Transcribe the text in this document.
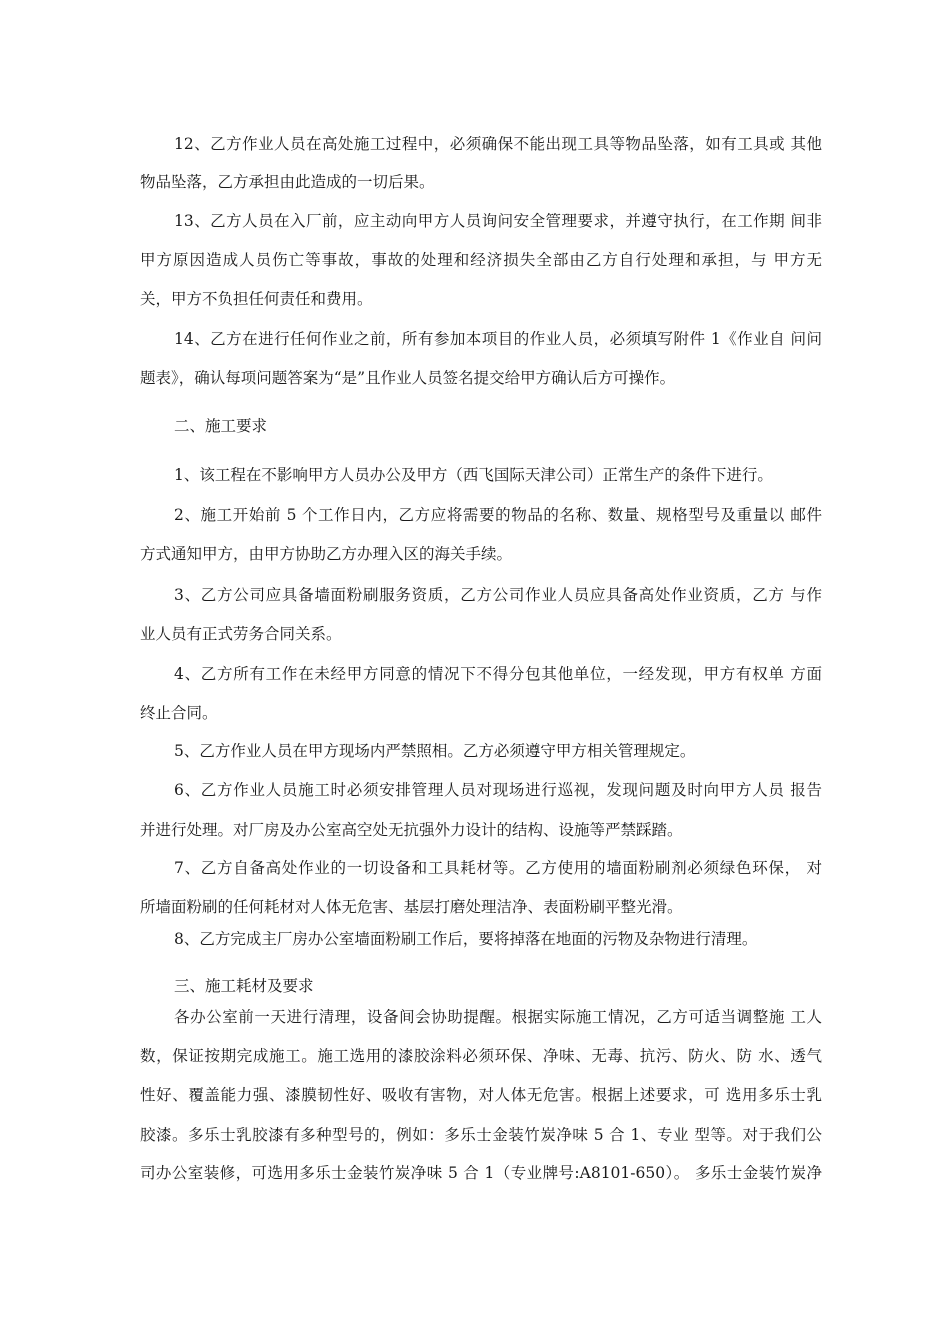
12、乙方作业人员在高处施工过程中，必须确保不能出现工具等物品坠落，如有工具或 其他
物品坠落，乙方承担由此造成的一切后果。
13、乙方人员在入厂前，应主动向甲方人员询问安全管理要求，并遵守执行，在工作期 间非
甲方原因造成人员伤亡等事故，事故的处理和经济损失全部由乙方自行处理和承担，与 甲方无
关，甲方不负担任何责任和费用。
14、乙方在进行任何作业之前，所有参加本项目的作业人员，必须填写附件 1《作业自 问问
题表》，确认每项问题答案为“是”且作业人员签名提交给甲方确认后方可操作。
二、施工要求
1、该工程在不影响甲方人员办公及甲方（西飞国际天津公司）正常生产的条件下进行。
2、施工开始前 5 个工作日内，乙方应将需要的物品的名称、数量、规格型号及重量以 邮件
方式通知甲方，由甲方协助乙方办理入区的海关手续。
3、乙方公司应具备墙面粉刷服务资质，乙方公司作业人员应具备高处作业资质，乙方 与作
业人员有正式劳务合同关系。
4、乙方所有工作在未经甲方同意的情况下不得分包其他单位，一经发现，甲方有权单 方面
终止合同。
5、乙方作业人员在甲方现场内严禁照相。乙方必须遵守甲方相关管理规定。
6、乙方作业人员施工时必须安排管理人员对现场进行巡视，发现问题及时向甲方人员 报告
并进行处理。对厂房及办公室高空处无抗强外力设计的结构、设施等严禁踩踏。
7、乙方自备高处作业的一切设备和工具耗材等。乙方使用的墙面粉刷剂必须绿色环保， 对
所墙面粉刷的任何耗材对人体无危害、基层打磨处理洁净、表面粉刷平整光滑。
8、乙方完成主厂房办公室墙面粉刷工作后，要将掉落在地面的污物及杂物进行清理。
三、施工耗材及要求
各办公室前一天进行清理，设备间会协助提醒。根据实际施工情况，乙方可适当调整施 工人
数，保证按期完成施工。施工选用的漆胶涂料必须环保、净味、无毒、抗污、防火、防 水、透气
性好、覆盖能力强、漆膜韧性好、吸收有害物，对人体无危害。根据上述要求，可 选用多乐士乳
胶漆。多乐士乳胶漆有多种型号的，例如：多乐士金装竹炭净味 5 合 1、专业 型等。对于我们公
司办公室装修，可选用多乐士金装竹炭净味 5 合 1（专业牌号:A8101-650）。 多乐士金装竹炭净
